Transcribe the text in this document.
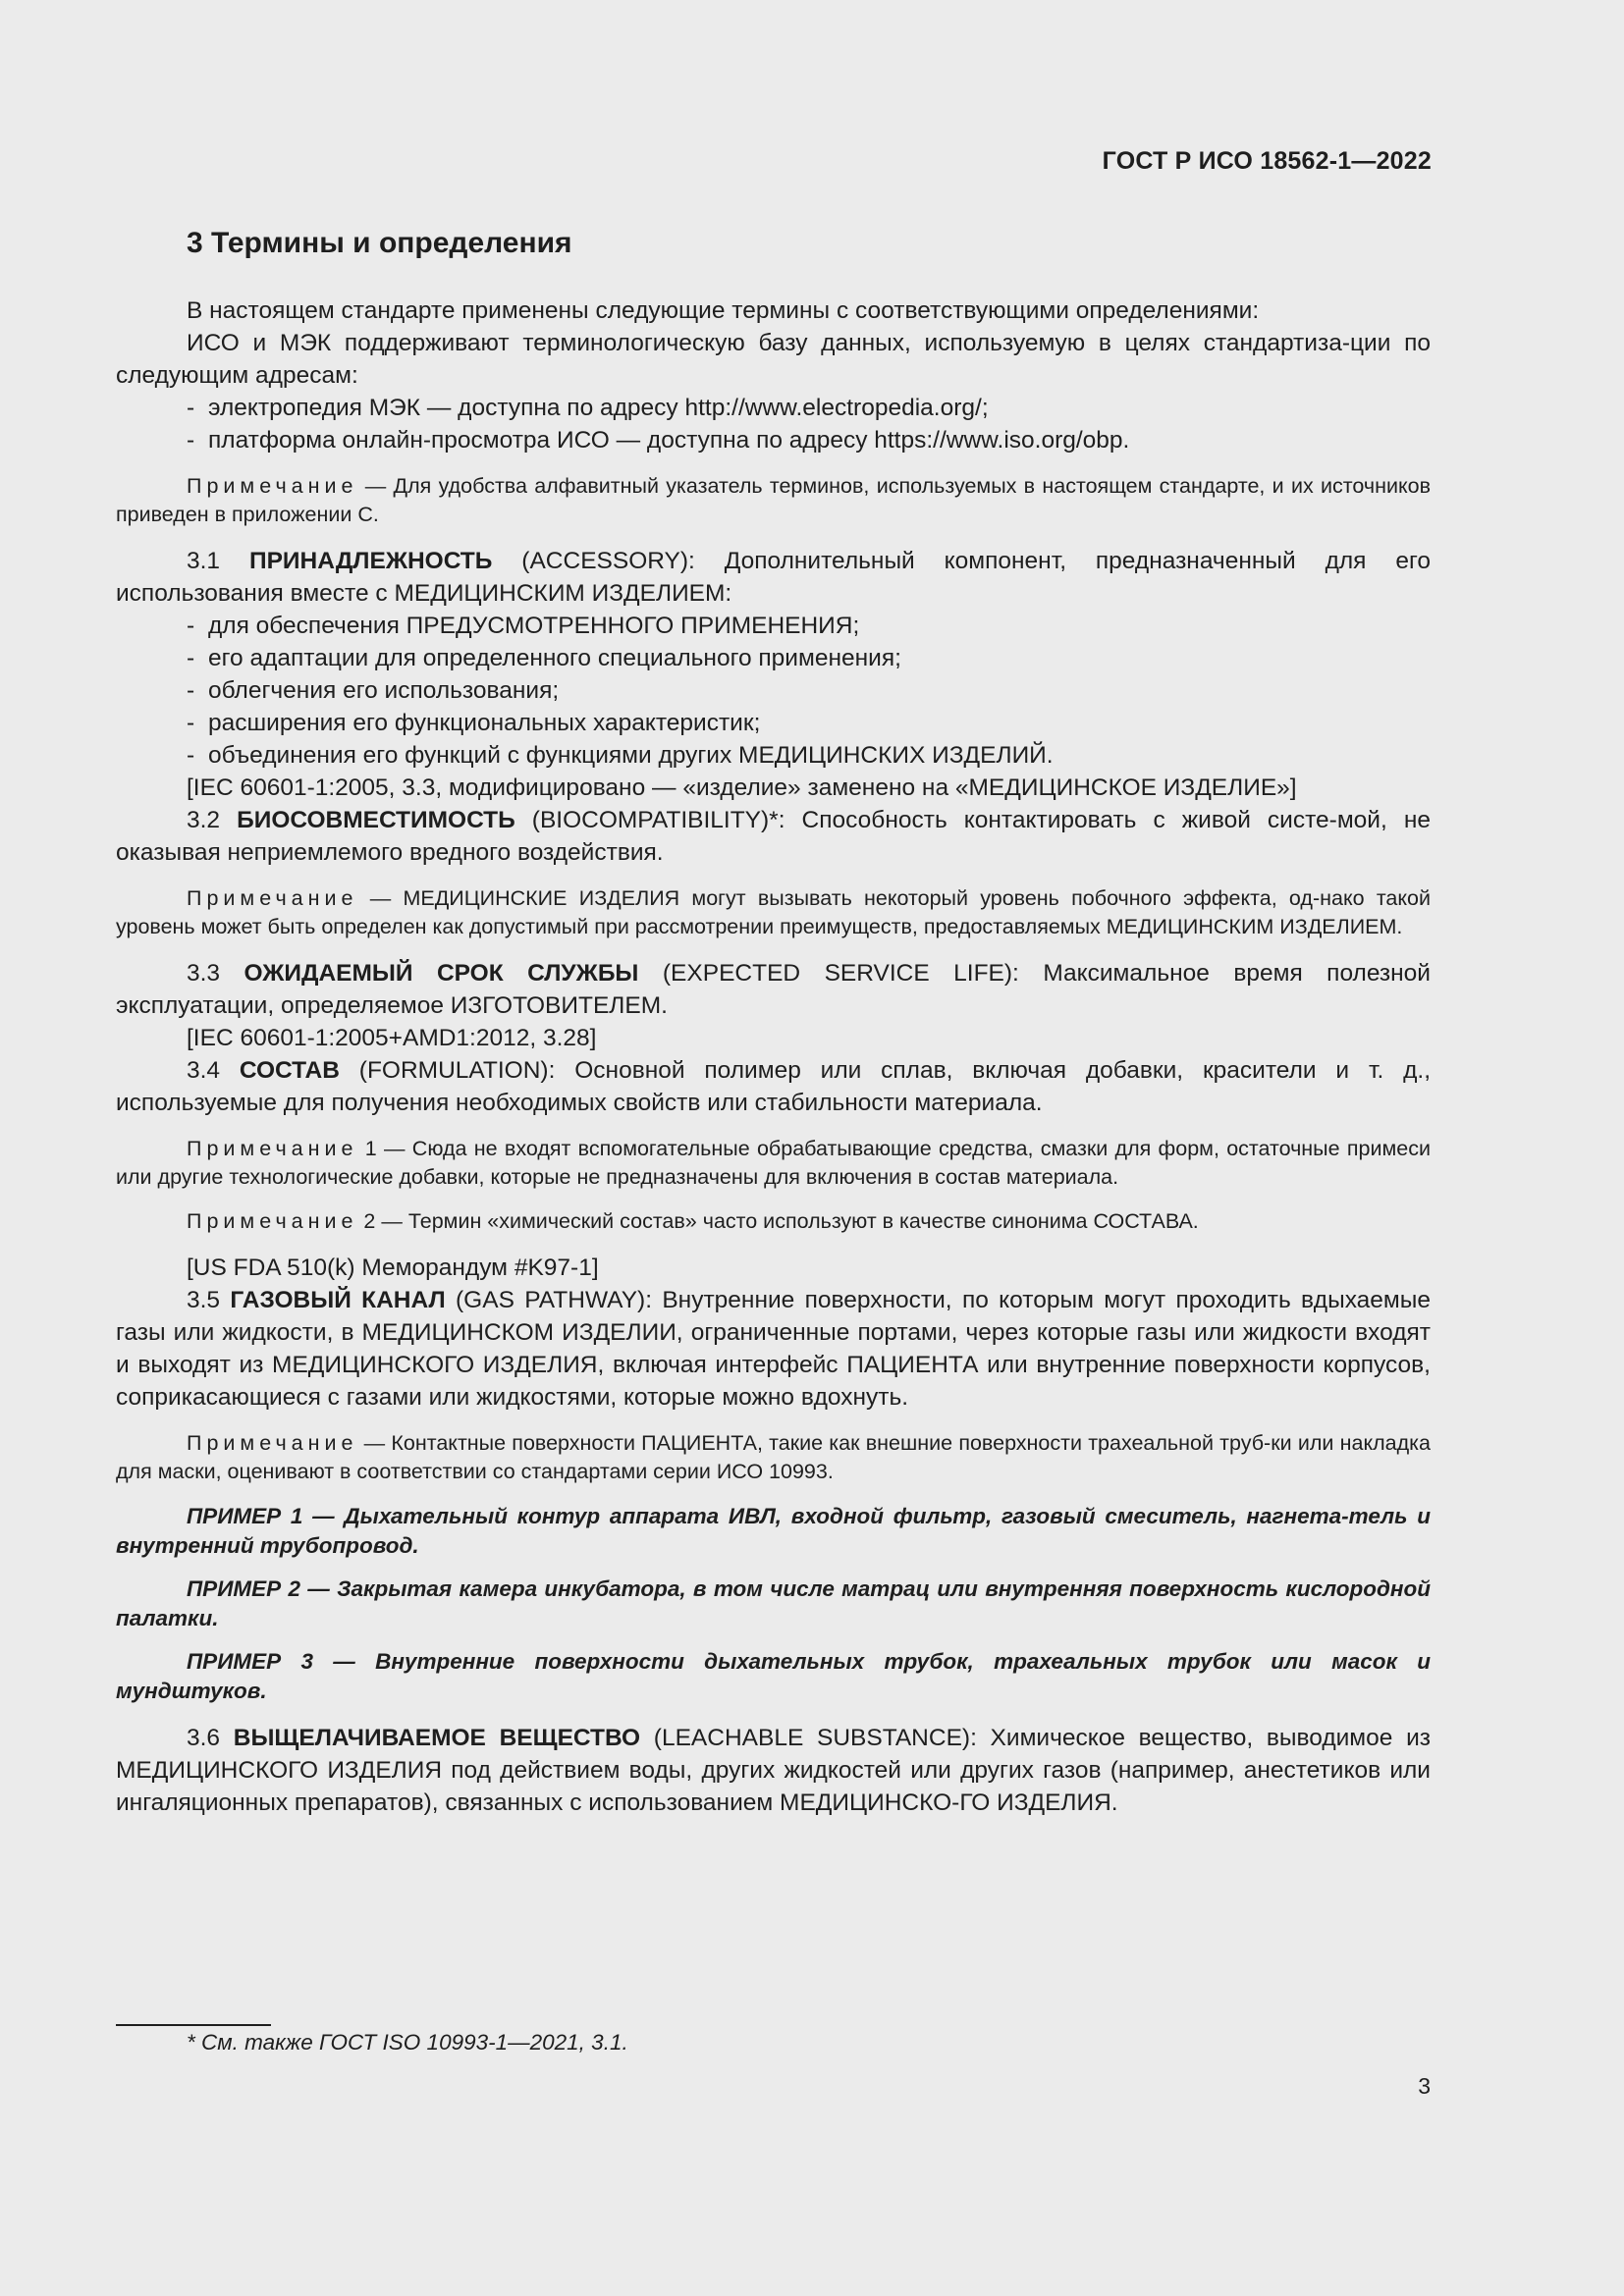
ГОСТ Р ИСО 18562-1—2022
3 Термины и определения

В настоящем стандарте применены следующие термины с соответствующими определениями:

ИСО и МЭК поддерживают терминологическую базу данных, используемую в целях стандартиза-ции по следующим адресам:

- электропедия МЭК — доступна по адресу http://www.electropedia.org/;
- платформа онлайн-просмотра ИСО — доступна по адресу https://www.iso.org/obp.

Примечание — Для удобства алфавитный указатель терминов, используемых в настоящем стандарте, и их источников приведен в приложении С.

3.1 ПРИНАДЛЕЖНОСТЬ (ACCESSORY): Дополнительный компонент, предназначенный для его использования вместе с МЕДИЦИНСКИМ ИЗДЕЛИЕМ:

- для обеспечения ПРЕДУСМОТРЕННОГО ПРИМЕНЕНИЯ;
- его адаптации для определенного специального применения;
- облегчения его использования;
- расширения его функциональных характеристик;
- объединения его функций с функциями других МЕДИЦИНСКИХ ИЗДЕЛИЙ.
[IEC 60601-1:2005, 3.3, модифицировано — «изделие» заменено на «МЕДИЦИНСКОЕ ИЗДЕЛИЕ»]

3.2 БИОСОВМЕСТИМОСТЬ (BIOCOMPATIBILITY)*: Способность контактировать с живой систе-мой, не оказывая неприемлемого вредного воздействия.

Примечание — МЕДИЦИНСКИЕ ИЗДЕЛИЯ могут вызывать некоторый уровень побочного эффекта, од-нако такой уровень может быть определен как допустимый при рассмотрении преимуществ, предоставляемых МЕДИЦИНСКИМ ИЗДЕЛИЕМ.

3.3 ОЖИДАЕМЫЙ СРОК СЛУЖБЫ (EXPECTED SERVICE LIFE): Максимальное время полезной эксплуатации, определяемое ИЗГОТОВИТЕЛЕМ.

[IEC 60601-1:2005+AMD1:2012, 3.28]

3.4 СОСТАВ (FORMULATION): Основной полимер или сплав, включая добавки, красители и т. д., используемые для получения необходимых свойств или стабильности материала.

Примечание 1 — Сюда не входят вспомогательные обрабатывающие средства, смазки для форм, остаточные примеси или другие технологические добавки, которые не предназначены для включения в состав материала.

Примечание 2 — Термин «химический состав» часто используют в качестве синонима СОСТАВА.

[US FDA 510(k) Меморандум #K97-1]

3.5 ГАЗОВЫЙ КАНАЛ (GAS PATHWAY): Внутренние поверхности, по которым могут проходить вдыхаемые газы или жидкости, в МЕДИЦИНСКОМ ИЗДЕЛИИ, ограниченные портами, через которые газы или жидкости входят и выходят из МЕДИЦИНСКОГО ИЗДЕЛИЯ, включая интерфейс ПАЦИЕНТА или внутренние поверхности корпусов, соприкасающиеся с газами или жидкостями, которые можно вдохнуть.

Примечание — Контактные поверхности ПАЦИЕНТА, такие как внешние поверхности трахеальной труб-ки или накладка для маски, оценивают в соответствии со стандартами серии ИСО 10993.

ПРИМЕР 1 — Дыхательный контур аппарата ИВЛ, входной фильтр, газовый смеситель, нагнета-тель и внутренний трубопровод.

ПРИМЕР 2 — Закрытая камера инкубатора, в том числе матрац или внутренняя поверхность кислородной палатки.

ПРИМЕР 3 — Внутренние поверхности дыхательных трубок, трахеальных трубок или масок и мундштуков.

3.6 ВЫЩЕЛАЧИВАЕМОЕ ВЕЩЕСТВО (LEACHABLE SUBSTANCE): Химическое вещество, выводимое из МЕДИЦИНСКОГО ИЗДЕЛИЯ под действием воды, других жидкостей или других газов (например, анестетиков или ингаляционных препаратов), связанных с использованием МЕДИЦИНСКО-ГО ИЗДЕЛИЯ.

* См. также ГОСТ ISO 10993-1—2021, 3.1.
3
